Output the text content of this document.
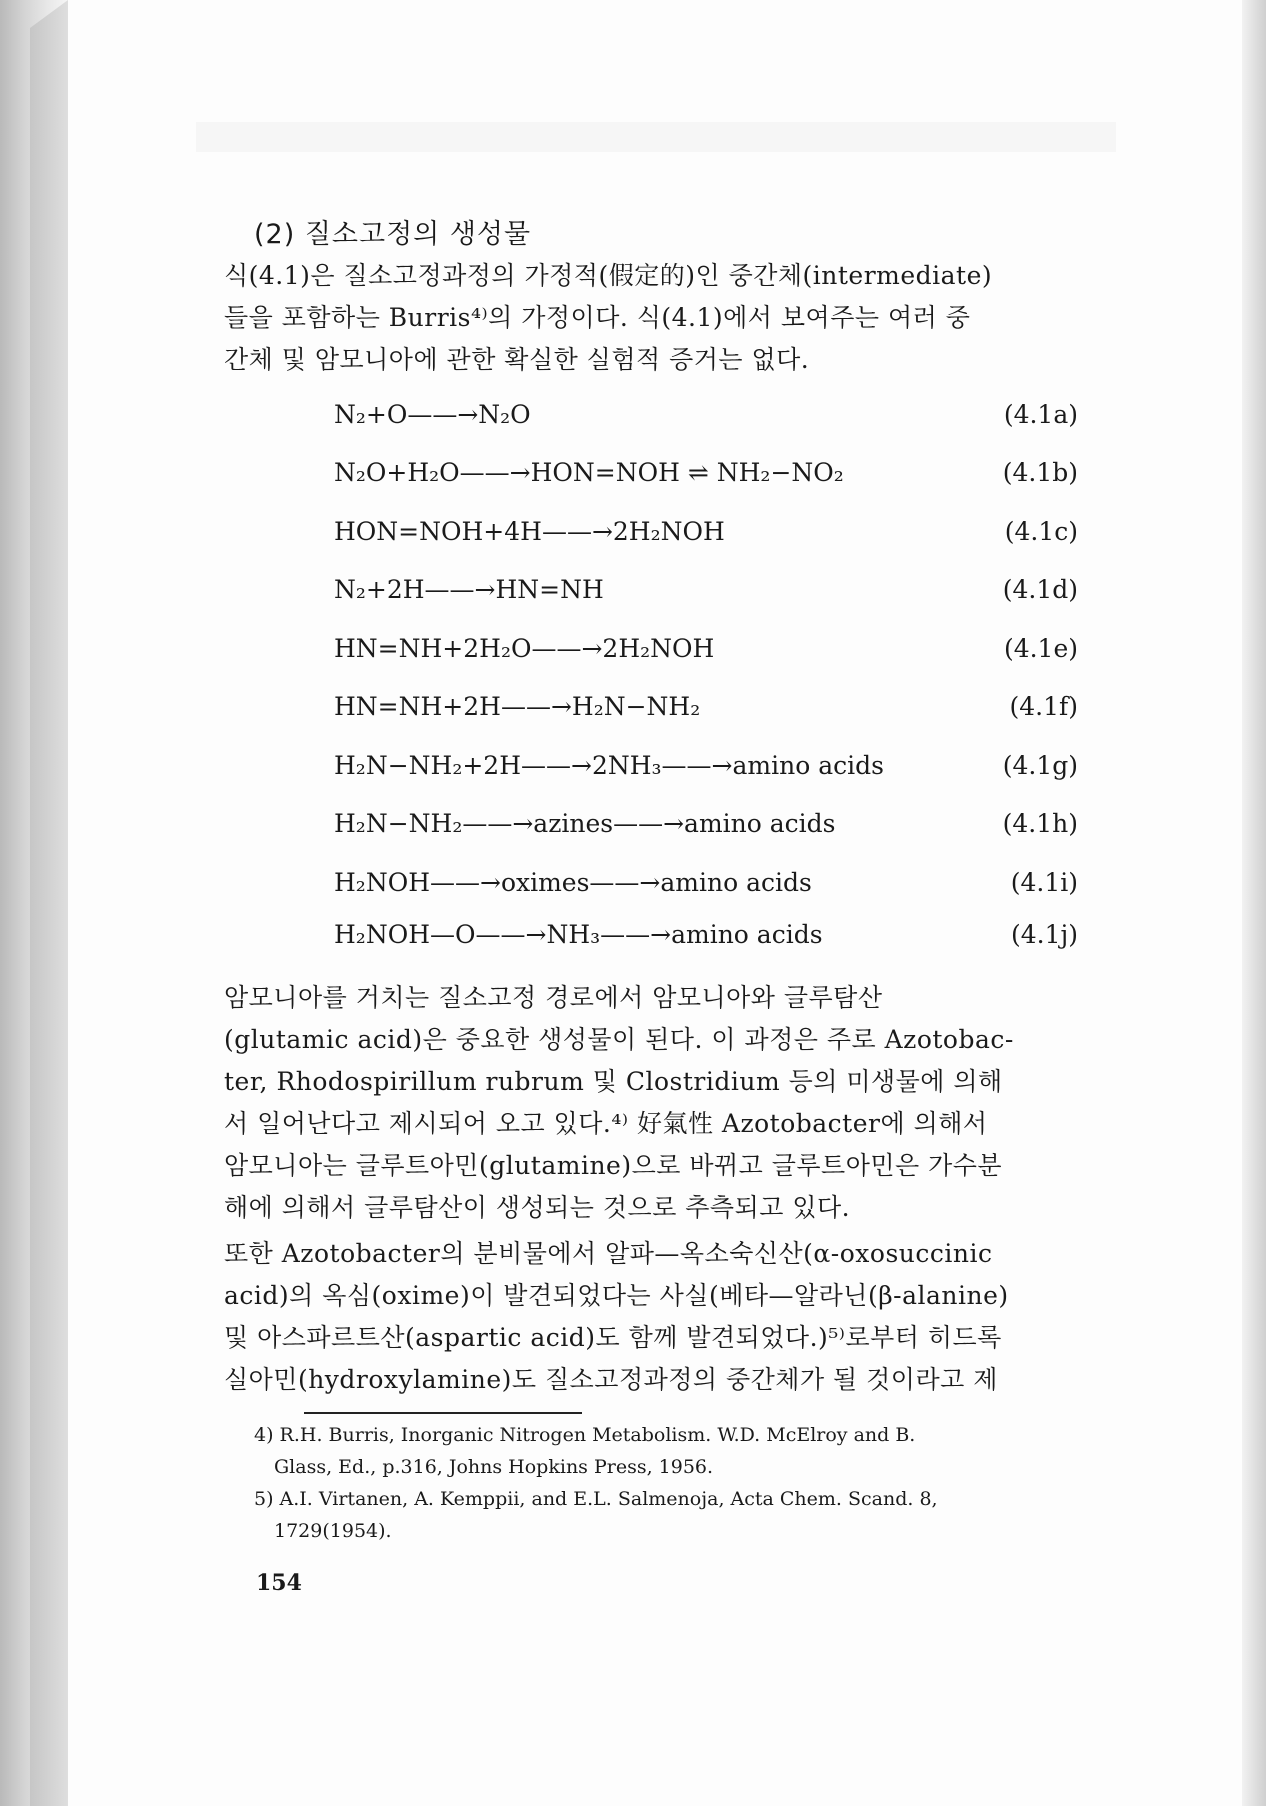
(2) 질소고정의 생성물
식(4.1)은 질소고정과정의 가정적(假定的)인 중간체(intermediate)
들을 포함하는 Burris⁴⁾의 가정이다. 식(4.1)에서 보여주는 여러 중
간체 및 암모니아에 관한 확실한 실험적 증거는 없다.
N₂+O——→N₂O	(4.1a)
N₂O+H₂O——→HON=NOH ⇌ NH₂−NO₂	(4.1b)
HON=NOH+4H——→2H₂NOH	(4.1c)
N₂+2H——→HN=NH	(4.1d)
HN=NH+2H₂O——→2H₂NOH	(4.1e)
HN=NH+2H——→H₂N−NH₂	(4.1f)
H₂N−NH₂+2H——→2NH₃——→amino acids	(4.1g)
H₂N−NH₂——→azines——→amino acids	(4.1h)
H₂NOH——→oximes——→amino acids	(4.1i)
H₂NOH—O——→NH₃——→amino acids	(4.1j)
암모니아를 거치는 질소고정 경로에서 암모니아와 글루탐산
(glutamic acid)은 중요한 생성물이 된다. 이 과정은 주로 Azotobac-
ter, Rhodospirillum rubrum 및 Clostridium 등의 미생물에 의해
서 일어난다고 제시되어 오고 있다.⁴⁾ 好氣性 Azotobacter에 의해서
암모니아는 글루트아민(glutamine)으로 바뀌고 글루트아민은 가수분
해에 의해서 글루탐산이 생성되는 것으로 추측되고 있다.
또한 Azotobacter의 분비물에서 알파—옥소숙신산(α-oxosuccinic
acid)의 옥심(oxime)이 발견되었다는 사실(베타—알라닌(β-alanine)
및 아스파르트산(aspartic acid)도 함께 발견되었다.)⁵⁾로부터 히드록
실아민(hydroxylamine)도 질소고정과정의 중간체가 될 것이라고 제
4) R.H. Burris, Inorganic Nitrogen Metabolism. W.D. McElroy and B.
Glass, Ed., p.316, Johns Hopkins Press, 1956.
5) A.I. Virtanen, A. Kemppii, and E.L. Salmenoja, Acta Chem. Scand. 8,
1729(1954).
154
